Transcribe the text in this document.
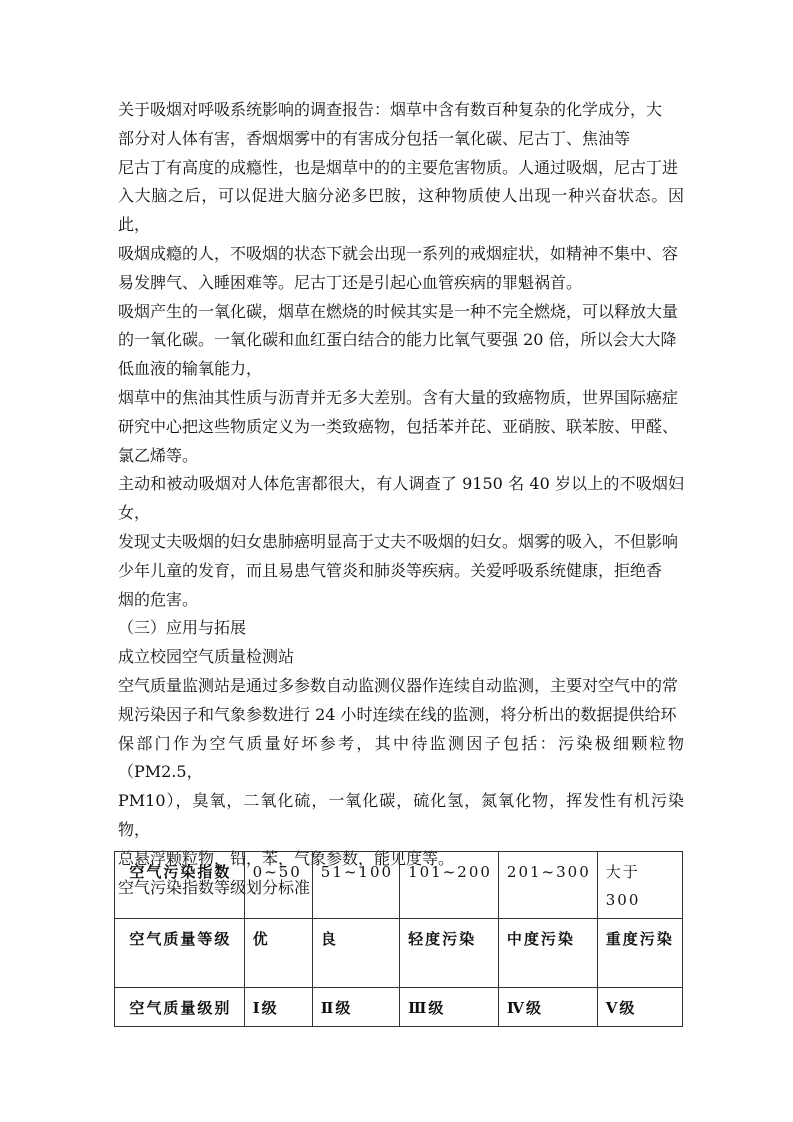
关于吸烟对呼吸系统影响的调查报告：烟草中含有数百种复杂的化学成分，大
部分对人体有害，香烟烟雾中的有害成分包括一氧化碳、尼古丁、焦油等
尼古丁有高度的成瘾性，也是烟草中的的主要危害物质。人通过吸烟，尼古丁进
入大脑之后，可以促进大脑分泌多巴胺，这种物质使人出现一种兴奋状态。因此，
吸烟成瘾的人，不吸烟的状态下就会出现一系列的戒烟症状，如精神不集中、容
易发脾气、入睡困难等。尼古丁还是引起心血管疾病的罪魁祸首。
吸烟产生的一氧化碳，烟草在燃烧的时候其实是一种不完全燃烧，可以释放大量
的一氧化碳。一氧化碳和血红蛋白结合的能力比氧气要强 20 倍，所以会大大降
低血液的输氧能力，
烟草中的焦油其性质与沥青并无多大差别。含有大量的致癌物质，世界国际癌症
研究中心把这些物质定义为一类致癌物，包括苯并芘、亚硝胺、联苯胺、甲醛、
氯乙烯等。
主动和被动吸烟对人体危害都很大，有人调查了 9150 名 40 岁以上的不吸烟妇女，
发现丈夫吸烟的妇女患肺癌明显高于丈夫不吸烟的妇女。烟雾的吸入，不但影响
少年儿童的发育，而且易患气管炎和肺炎等疾病。关爱呼吸系统健康，拒绝香
烟的危害。
（三）应用与拓展
成立校园空气质量检测站
空气质量监测站是通过多参数自动监测仪器作连续自动监测，主要对空气中的常
规污染因子和气象参数进行 24 小时连续在线的监测，将分析出的数据提供给环
保部门作为空气质量好坏参考，其中待监测因子包括：污染极细颗粒物（PM2.5，
PM10），臭氧，二氧化硫，一氧化碳，硫化氢，氮氧化物，挥发性有机污染物，
总悬浮颗粒物，铅，苯，气象参数，能见度等。
空气污染指数等级划分标准
空气污染指数	0~50	51~100	101~200	201~300	大于 300
空气质量等级	优	良	轻度污染	中度污染	重度污染
空气质量级别	Ⅰ级	Ⅱ级	Ⅲ级	Ⅳ级	Ⅴ级
